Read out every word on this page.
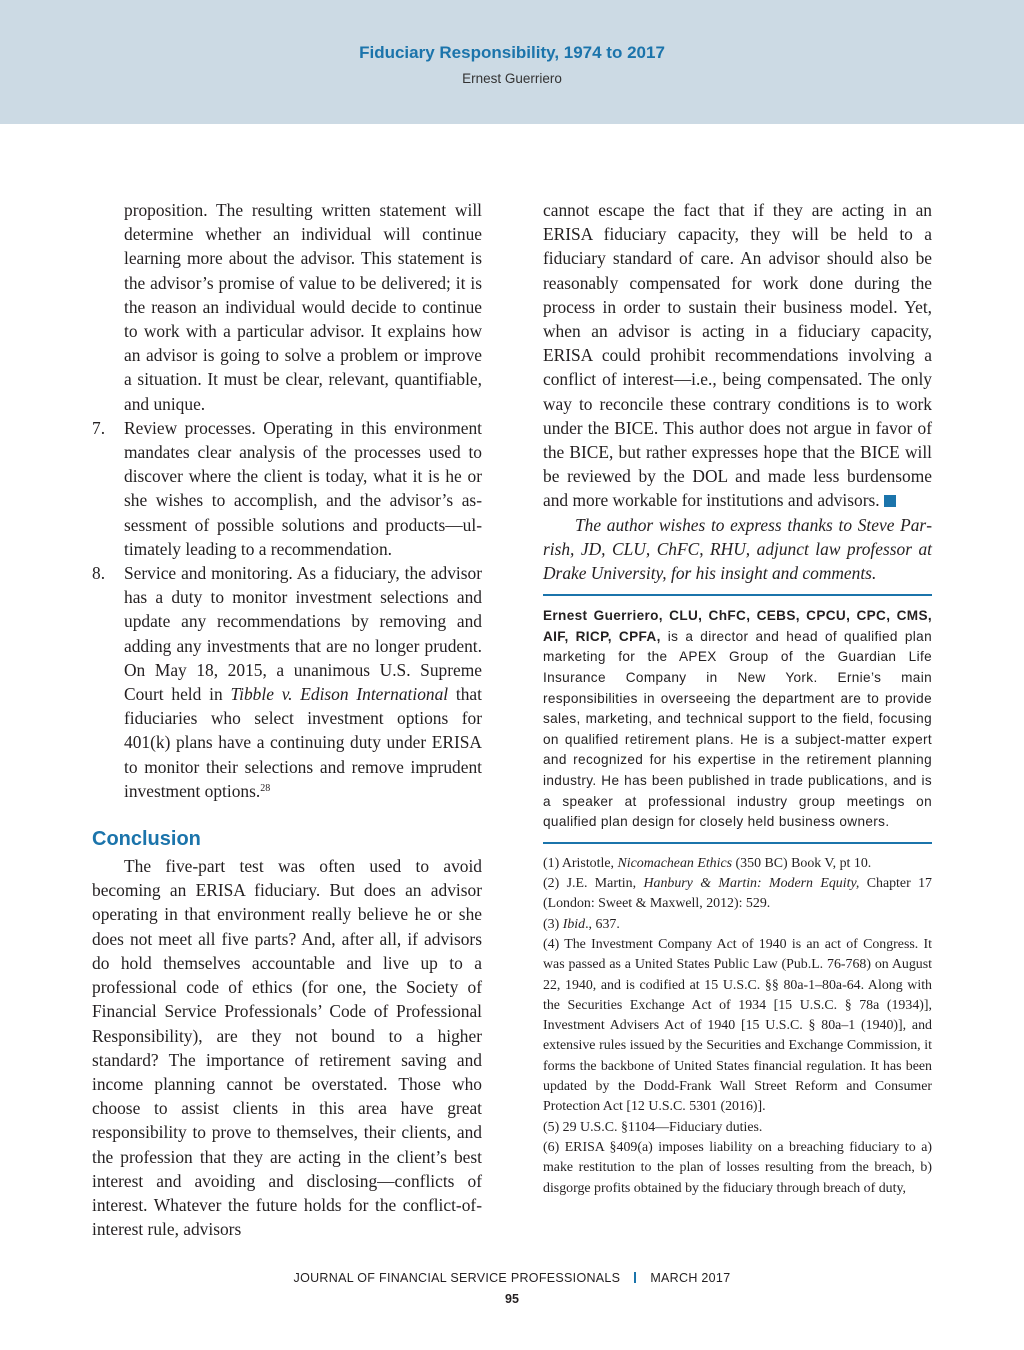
Fiduciary Responsibility, 1974 to 2017
Ernest Guerriero

proposition. The resulting written statement will determine whether an individual will continue learning more about the advisor. This statement is the advisor’s promise of value to be delivered; it is the reason an individual would decide to continue to work with a particular advisor. It explains how an advisor is going to solve a problem or improve a situation. It must be clear, relevant, quantifiable, and unique.

7. Review processes. Operating in this environment mandates clear analysis of the processes used to discover where the client is today, what it is he or she wishes to accomplish, and the advisor’s assessment of possible solutions and products—ultimately leading to a recommendation.

8. Service and monitoring. As a fiduciary, the advisor has a duty to monitor investment selections and update any recommendations by removing and adding any investments that are no longer prudent. On May 18, 2015, a unanimous U.S. Supreme Court held in Tibble v. Edison International that fiduciaries who select investment options for 401(k) plans have a continuing duty under ERISA to monitor their selections and remove imprudent investment options.$^{28}$

Conclusion

The five-part test was often used to avoid becoming an ERISA fiduciary. But does an advisor operating in that environment really believe he or she does not meet all five parts? And, after all, if advisors do hold themselves accountable and live up to a professional code of ethics (for one, the Society of Financial Service Professionals’ Code of Professional Responsibility), are they not bound to a higher standard? The importance of retirement saving and income planning cannot be overstated. Those who choose to assist clients in this area have great responsibility to prove to themselves, their clients, and the profession that they are acting in the client’s best interest and avoiding and disclosing—conflicts of interest. Whatever the future holds for the conflict-of-interest rule, advisors

cannot escape the fact that if they are acting in an ERISA fiduciary capacity, they will be held to a fiduciary standard of care. An advisor should also be reasonably compensated for work done during the process in order to sustain their business model. Yet, when an advisor is acting in a fiduciary capacity, ERISA could prohibit recommendations involving a conflict of interest—i.e., being compensated. The only way to reconcile these contrary conditions is to work under the BICE. This author does not argue in favor of the BICE, but rather expresses hope that the BICE will be reviewed by the DOL and made less burdensome and more workable for institutions and advisors.

The author wishes to express thanks to Steve Parrish, JD, CLU, ChFC, RHU, adjunct law professor at Drake University, for his insight and comments.

Ernest Guerriero, CLU, ChFC, CEBS, CPCU, CPC, CMS, AIF, RICP, CPFA, is a director and head of qualified plan marketing for the APEX Group of the Guardian Life Insurance Company in New York. Ernie’s main responsibilities in overseeing the department are to provide sales, marketing, and technical support to the field, focusing on qualified retirement plans. He is a subject-matter expert and recognized for his expertise in the retirement planning industry. He has been published in trade publications, and is a speaker at professional industry group meetings on qualified plan design for closely held business owners.

(1) Aristotle, Nicomachean Ethics (350 BC) Book V, pt 10.

(2) J.E. Martin, Hanbury & Martin: Modern Equity, Chapter 17 (London: Sweet & Maxwell, 2012): 529.

(3) Ibid., 637.

(4) The Investment Company Act of 1940 is an act of Congress. It was passed as a United States Public Law (Pub.L. 76-768) on August 22, 1940, and is codified at 15 U.S.C. §§ 80a-1–80a-64. Along with the Securities Exchange Act of 1934 [15 U.S.C. § 78a (1934)], Investment Advisers Act of 1940 [15 U.S.C. § 80a–1 (1940)], and extensive rules issued by the Securities and Exchange Commission, it forms the backbone of United States financial regulation. It has been updated by the Dodd-Frank Wall Street Reform and Consumer Protection Act [12 U.S.C. 5301 (2016)].

(5) 29 U.S.C. §1104—Fiduciary duties.

(6) ERISA §409(a) imposes liability on a breaching fiduciary to a) make restitution to the plan of losses resulting from the breach, b) disgorge profits obtained by the fiduciary through breach of duty,

JOURNAL OF FINANCIAL SERVICE PROFESSIONALS MARCH 2017
95
